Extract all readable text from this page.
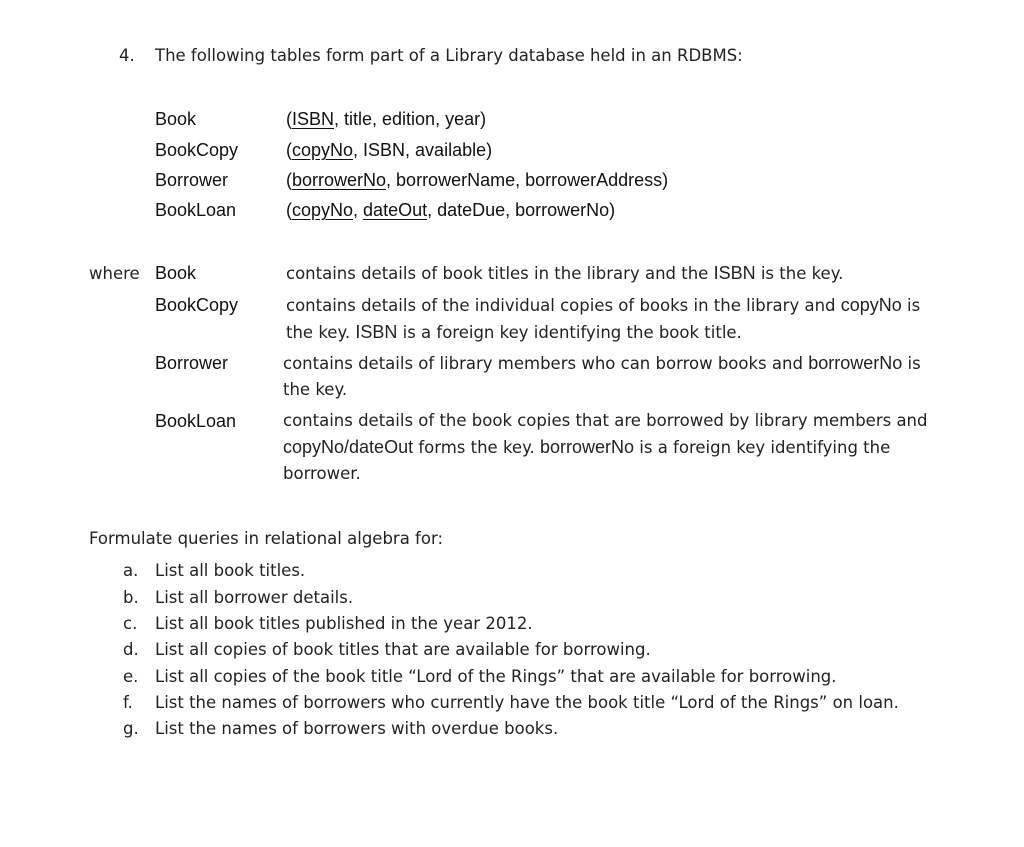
4. The following tables form part of a Library database held in an RDBMS:
Book	(ISBN, title, edition, year)
BookCopy	(copyNo, ISBN, available)
Borrower	(borrowerNo, borrowerName, borrowerAddress)
BookLoan	(copyNo, dateOut, dateDue, borrowerNo)
where Book	contains details of book titles in the library and the ISBN is the key.
BookCopy	contains details of the individual copies of books in the library and copyNo is the key. ISBN is a foreign key identifying the book title.
Borrower	contains details of library members who can borrow books and borrowerNo is the key.
BookLoan	contains details of the book copies that are borrowed by library members and copyNo/dateOut forms the key. borrowerNo is a foreign key identifying the borrower.
Formulate queries in relational algebra for:
a. List all book titles.
b. List all borrower details.
c. List all book titles published in the year 2012.
d. List all copies of book titles that are available for borrowing.
e. List all copies of the book title “Lord of the Rings” that are available for borrowing.
f. List the names of borrowers who currently have the book title “Lord of the Rings” on loan.
g. List the names of borrowers with overdue books.
